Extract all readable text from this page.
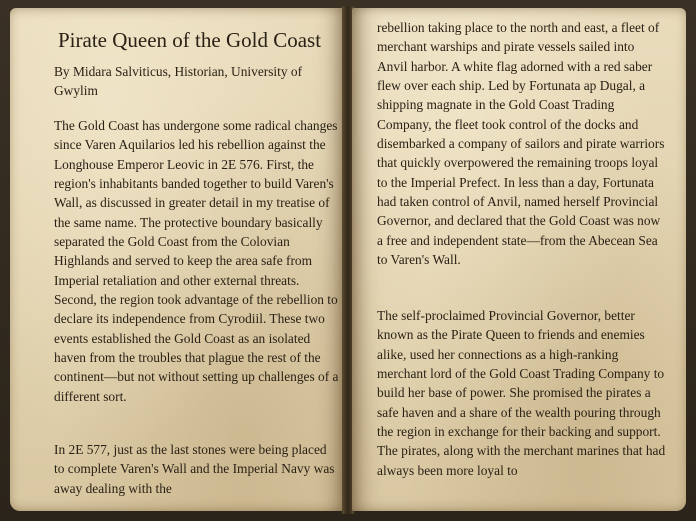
Pirate Queen of the Gold Coast

By Midara Salviticus, Historian, University of Gwylim

The Gold Coast has undergone some radical changes since Varen Aquilarios led his rebellion against the Longhouse Emperor Leovic in 2E 576. First, the region's inhabitants banded together to build Varen's Wall, as discussed in greater detail in my treatise of the same name. The protective boundary basically separated the Gold Coast from the Colovian Highlands and served to keep the area safe from Imperial retaliation and other external threats. Second, the region took advantage of the rebellion to declare its independence from Cyrodiil. These two events established the Gold Coast as an isolated haven from the troubles that plague the rest of the continent—but not without setting up challenges of a different sort.

In 2E 577, just as the last stones were being placed to complete Varen's Wall and the Imperial Navy was away dealing with the

rebellion taking place to the north and east, a fleet of merchant warships and pirate vessels sailed into Anvil harbor. A white flag adorned with a red saber flew over each ship. Led by Fortunata ap Dugal, a shipping magnate in the Gold Coast Trading Company, the fleet took control of the docks and disembarked a company of sailors and pirate warriors that quickly overpowered the remaining troops loyal to the Imperial Prefect. In less than a day, Fortunata had taken control of Anvil, named herself Provincial Governor, and declared that the Gold Coast was now a free and independent state—from the Abecean Sea to Varen's Wall.

The self-proclaimed Provincial Governor, better known as the Pirate Queen to friends and enemies alike, used her connections as a high-ranking merchant lord of the Gold Coast Trading Company to build her base of power. She promised the pirates a safe haven and a share of the wealth pouring through the region in exchange for their backing and support. The pirates, along with the merchant marines that had always been more loyal to
